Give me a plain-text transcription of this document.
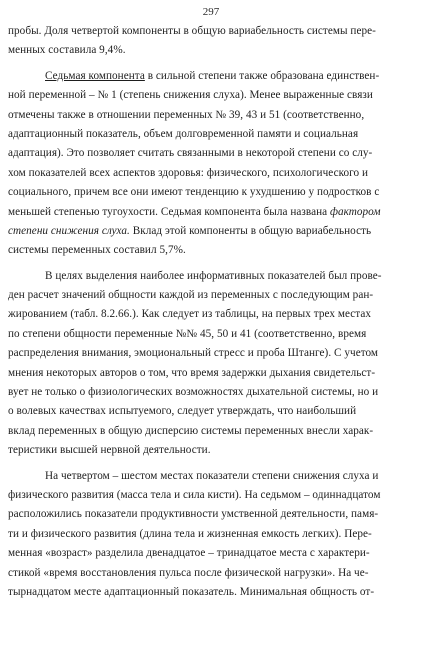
297
пробы. Доля четвертой компоненты в общую вариабельность системы пере-
менных составила 9,4%.
Седьмая компонента в сильной степени также образована единствен-
ной переменной – № 1 (степень снижения слуха). Менее выраженные связи
отмечены также в отношении переменных № 39, 43 и 51 (соответственно,
адаптационный показатель, объем долговременной памяти и социальная
адаптация). Это позволяет считать связанными в некоторой степени со слу-
хом показателей всех аспектов здоровья: физического, психологического и
социального, причем все они имеют тенденцию к ухудшению у подростков с
меньшей степенью тугоухости. Седьмая компонента была названа фактором
степени снижения слуха. Вклад этой компоненты в общую вариабельность
системы переменных составил 5,7%.
В целях выделения наиболее информативных показателей был прове-
ден расчет значений общности каждой из переменных с последующим ран-
жированием (табл. 8.2.66.). Как следует из таблицы, на первых трех местах
по степени общности переменные №№ 45, 50 и 41 (соответственно, время
распределения внимания, эмоциональный стресс и проба Штанге). С учетом
мнения некоторых авторов о том, что время задержки дыхания свидетельст-
вует не только о физиологических возможностях дыхательной системы, но и
о волевых качествах испытуемого, следует утверждать, что наибольший
вклад переменных в общую дисперсию системы переменных внесли харак-
теристики высшей нервной деятельности.
На четвертом – шестом местах показатели степени снижения слуха и
физического развития (масса тела и сила кисти). На седьмом – одиннадцатом
расположились показатели продуктивности умственной деятельности, памя-
ти и физического развития (длина тела и жизненная емкость легких). Пере-
менная «возраст» разделила двенадцатое – тринадцатое места с характери-
стикой «время восстановления пульса после физической нагрузки». На че-
тырнадцатом месте адаптационный показатель. Минимальная общность от-
